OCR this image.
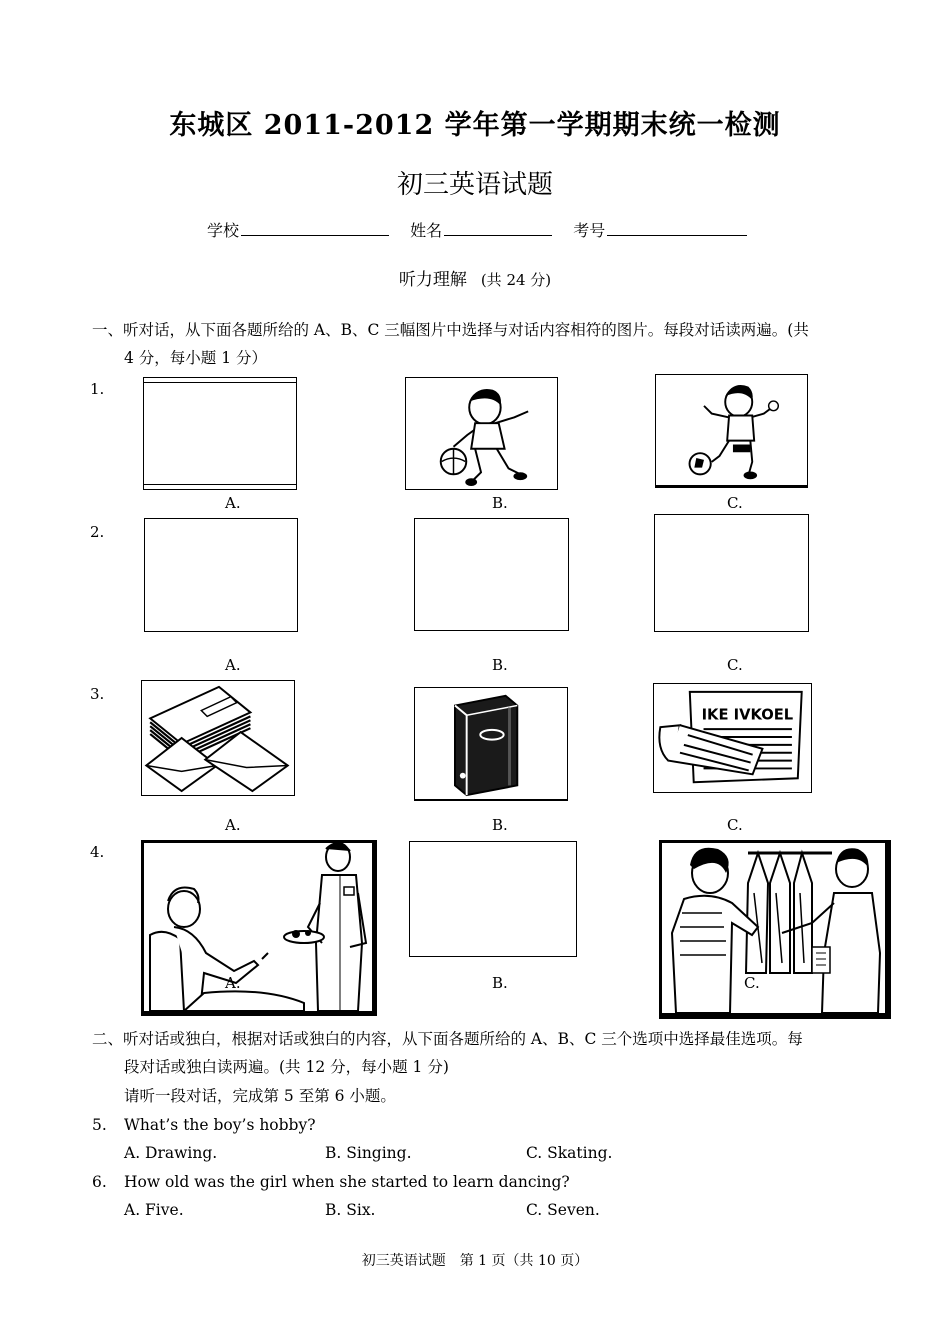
东城区 2011-2012 学年第一学期期末统一检测
初三英语试题
学校	姓名	考号
听力理解 (共 24 分)
一、听对话，从下面各题所给的 A、B、C 三幅图片中选择与对话内容相符的图片。每段对话读两遍。(共
4 分，每小题 1 分）
1.
A.	B.	C.
2.
A.	B.	C.
3.
IKE IVKOEL
A.	B.	C.
4.
A.	B.	C.
二、听对话或独白，根据对话或独白的内容，从下面各题所给的 A、B、C 三个选项中选择最佳选项。每
段对话或独白读两遍。(共 12 分，每小题 1 分)
请听一段对话，完成第 5 至第 6 小题。
5. What’s the boy’s hobby?
A. Drawing.	B. Singing.	C. Skating.
6. How old was the girl when she started to learn dancing?
A. Five.	B. Six.	C. Seven.
初三英语试题　第 1 页（共 10 页）
